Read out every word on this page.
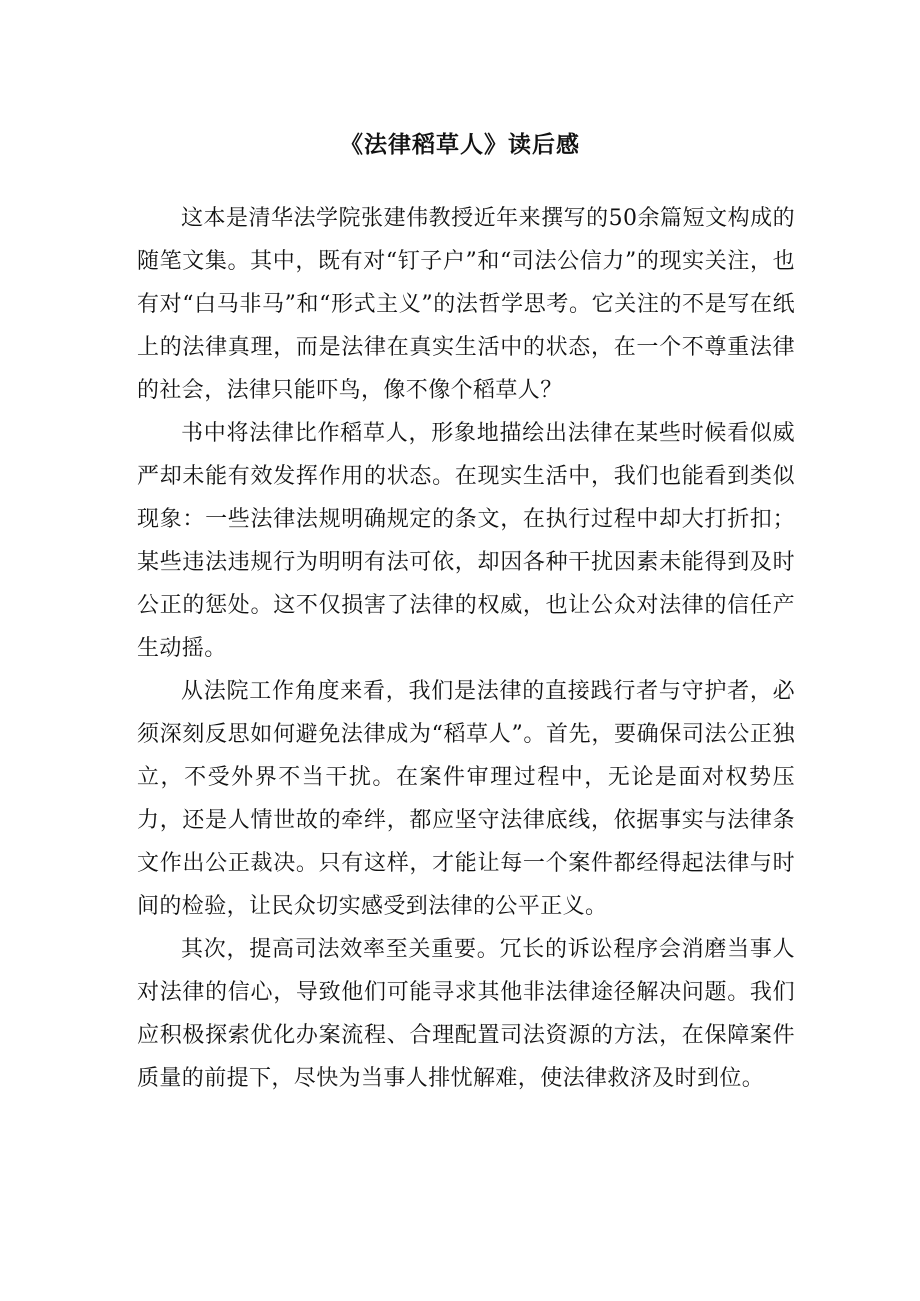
《法律稻草人》读后感

这本是清华法学院张建伟教授近年来撰写的50余篇短文构成的随笔文集。其中，既有对“钉子户”和“司法公信力”的现实关注，也有对“白马非马”和“形式主义”的法哲学思考。它关注的不是写在纸上的法律真理，而是法律在真实生活中的状态，在一个不尊重法律的社会，法律只能吓鸟，像不像个稻草人？

书中将法律比作稻草人，形象地描绘出法律在某些时候看似威严却未能有效发挥作用的状态。在现实生活中，我们也能看到类似现象：一些法律法规明确规定的条文，在执行过程中却大打折扣；某些违法违规行为明明有法可依，却因各种干扰因素未能得到及时公正的惩处。这不仅损害了法律的权威，也让公众对法律的信任产生动摇。

从法院工作角度来看，我们是法律的直接践行者与守护者，必须深刻反思如何避免法律成为“稻草人”。首先，要确保司法公正独立，不受外界不当干扰。在案件审理过程中，无论是面对权势压力，还是人情世故的牵绊，都应坚守法律底线，依据事实与法律条文作出公正裁决。只有这样，才能让每一个案件都经得起法律与时间的检验，让民众切实感受到法律的公平正义。

其次，提高司法效率至关重要。冗长的诉讼程序会消磨当事人对法律的信心，导致他们可能寻求其他非法律途径解决问题。我们应积极探索优化办案流程、合理配置司法资源的方法，在保障案件质量的前提下，尽快为当事人排忧解难，使法律救济及时到位。
